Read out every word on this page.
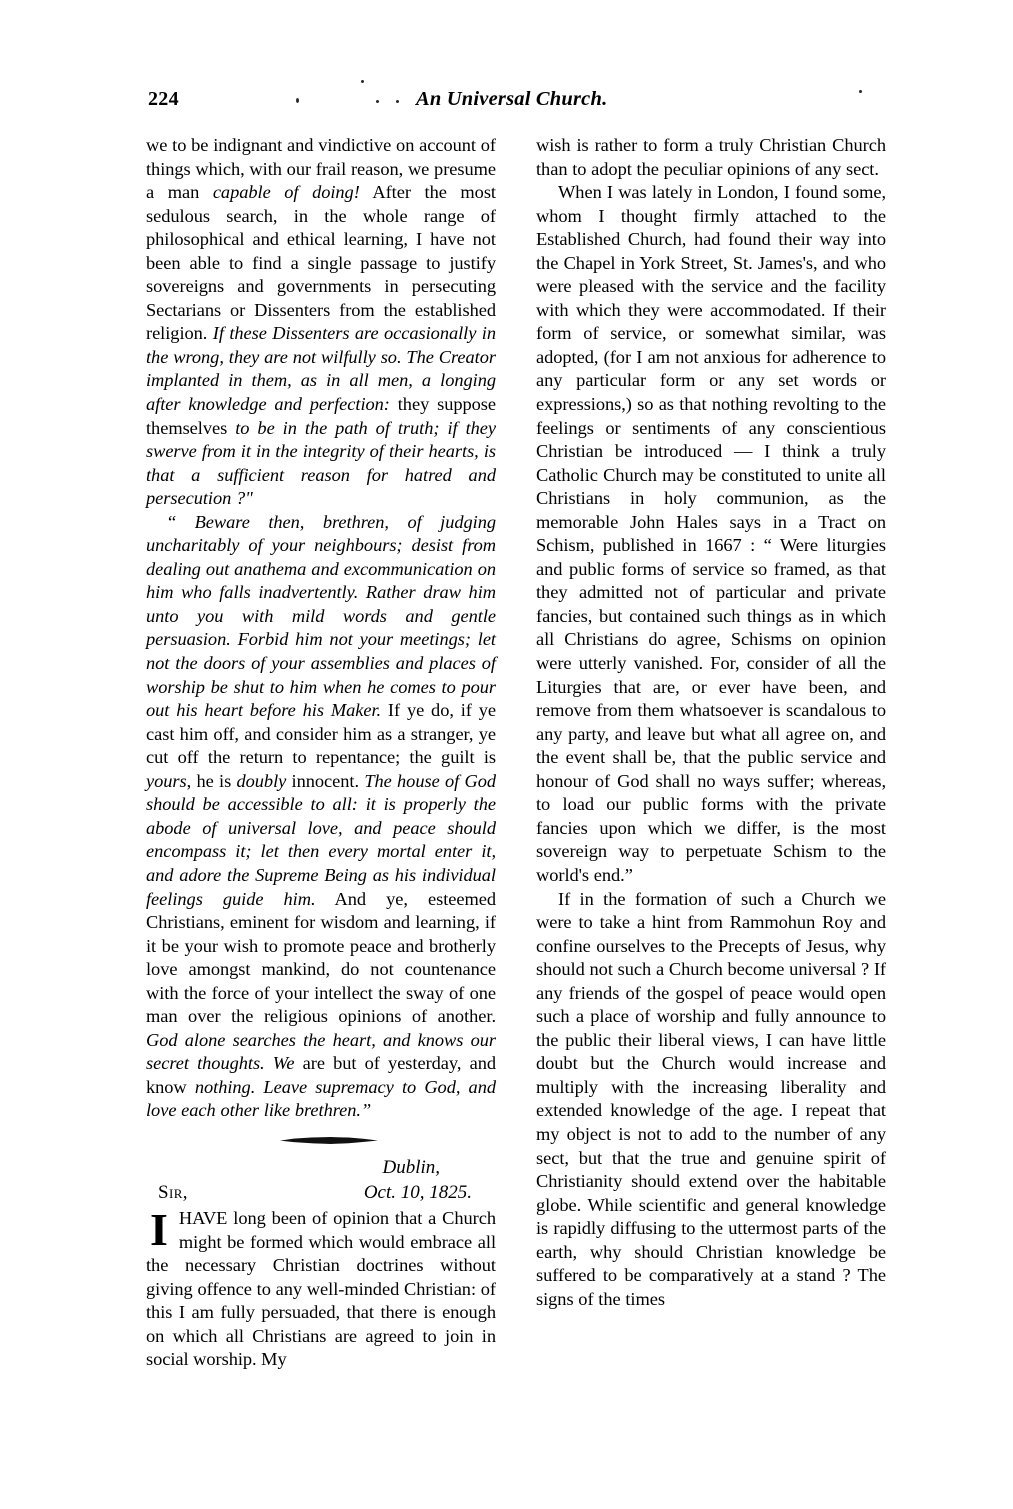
224	An Universal Church.

we to be indignant and vindictive on account of things which, with our frail reason, we presume a man capable of doing! After the most sedulous search, in the whole range of philosophical and ethical learning, I have not been able to find a single passage to justify sovereigns and governments in persecuting Sectarians or Dissenters from the established religion. If these Dissenters are occasionally in the wrong, they are not wilfully so. The Creator implanted in them, as in all men, a longing after knowledge and perfection: they suppose themselves to be in the path of truth; if they swerve from it in the integrity of their hearts, is that a sufficient reason for hatred and persecution ?"

“ Beware then, brethren, of judging uncharitably of your neighbours; desist from dealing out anathema and excommunication on him who falls inadvertently. Rather draw him unto you with mild words and gentle persuasion. Forbid him not your meetings; let not the doors of your assemblies and places of worship be shut to him when he comes to pour out his heart before his Maker. If ye do, if ye cast him off, and consider him as a stranger, ye cut off the return to repentance; the guilt is yours, he is doubly innocent. The house of God should be accessible to all: it is properly the abode of universal love, and peace should encompass it; let then every mortal enter it, and adore the Supreme Being as his individual feelings guide him. And ye, esteemed Christians, eminent for wisdom and learning, if it be your wish to promote peace and brotherly love amongst mankind, do not countenance with the force of your intellect the sway of one man over the religious opinions of another. God alone searches the heart, and knows our secret thoughts. We are but of yesterday, and know nothing. Leave supremacy to God, and love each other like brethren.”

Dublin,
Sir,	Oct. 10, 1825.

IHAVE long been of opinion that a Church might be formed which would embrace all the necessary Christian doctrines without giving offence to any well-minded Christian: of this I am fully persuaded, that there is enough on which all Christians are agreed to join in social worship. My

wish is rather to form a truly Christian Church than to adopt the peculiar opinions of any sect.

When I was lately in London, I found some, whom I thought firmly attached to the Established Church, had found their way into the Chapel in York Street, St. James's, and who were pleased with the service and the facility with which they were accommodated. If their form of service, or somewhat similar, was adopted, (for I am not anxious for adherence to any particular form or any set words or expressions,) so as that nothing revolting to the feelings or sentiments of any conscientious Christian be introduced — I think a truly Catholic Church may be constituted to unite all Christians in holy communion, as the memorable John Hales says in a Tract on Schism, published in 1667 : “ Were liturgies and public forms of service so framed, as that they admitted not of particular and private fancies, but contained such things as in which all Christians do agree, Schisms on opinion were utterly vanished. For, consider of all the Liturgies that are, or ever have been, and remove from them whatsoever is scandalous to any party, and leave but what all agree on, and the event shall be, that the public service and honour of God shall no ways suffer; whereas, to load our public forms with the private fancies upon which we differ, is the most sovereign way to perpetuate Schism to the world's end.”

If in the formation of such a Church we were to take a hint from Rammohun Roy and confine ourselves to the Precepts of Jesus, why should not such a Church become universal ? If any friends of the gospel of peace would open such a place of worship and fully announce to the public their liberal views, I can have little doubt but the Church would increase and multiply with the increasing liberality and extended knowledge of the age. I repeat that my object is not to add to the number of any sect, but that the true and genuine spirit of Christianity should extend over the habitable globe. While scientific and general knowledge is rapidly diffusing to the uttermost parts of the earth, why should Christian knowledge be suffered to be comparatively at a stand ? The signs of the times
